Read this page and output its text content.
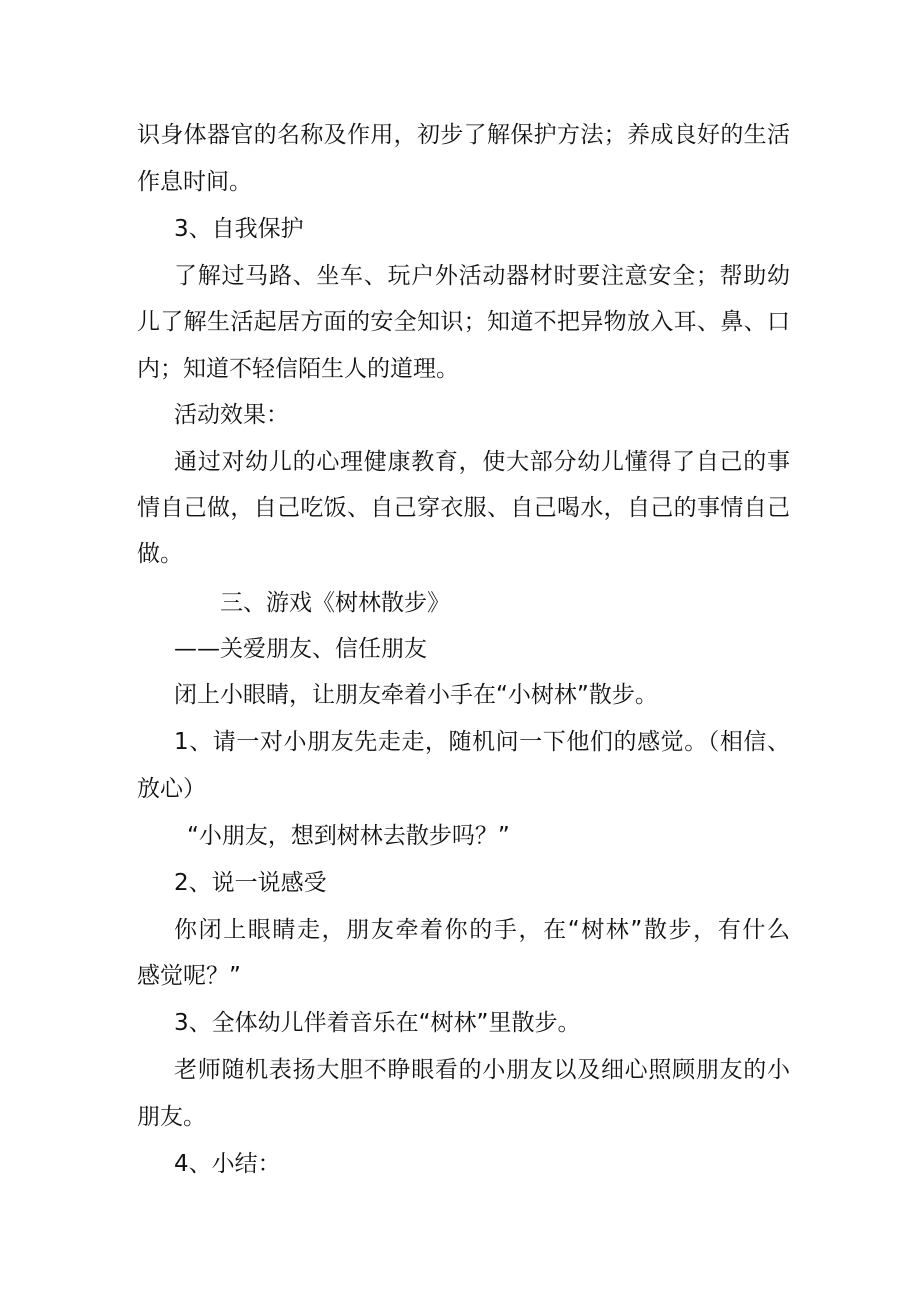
识身体器官的名称及作用，初步了解保护方法；养成良好的生活
作息时间。
3、自我保护
了解过马路、坐车、玩户外活动器材时要注意安全；帮助幼
儿了解生活起居方面的安全知识；知道不把异物放入耳、鼻、口
内；知道不轻信陌生人的道理。
活动效果：
通过对幼儿的心理健康教育，使大部分幼儿懂得了自己的事
情自己做，自己吃饭、自己穿衣服、自己喝水，自己的事情自己
做。
三、游戏《树林散步》
——关爱朋友、信任朋友
闭上小眼睛，让朋友牵着小手在“小树林”散步。
1、请一对小朋友先走走，随机问一下他们的感觉。（相信、
放心）
“小朋友，想到树林去散步吗？”
2、说一说感受
你闭上眼睛走，朋友牵着你的手，在“树林”散步，有什么
感觉呢？”
3、全体幼儿伴着音乐在“树林”里散步。
老师随机表扬大胆不睁眼看的小朋友以及细心照顾朋友的小
朋友。
4、小结：
